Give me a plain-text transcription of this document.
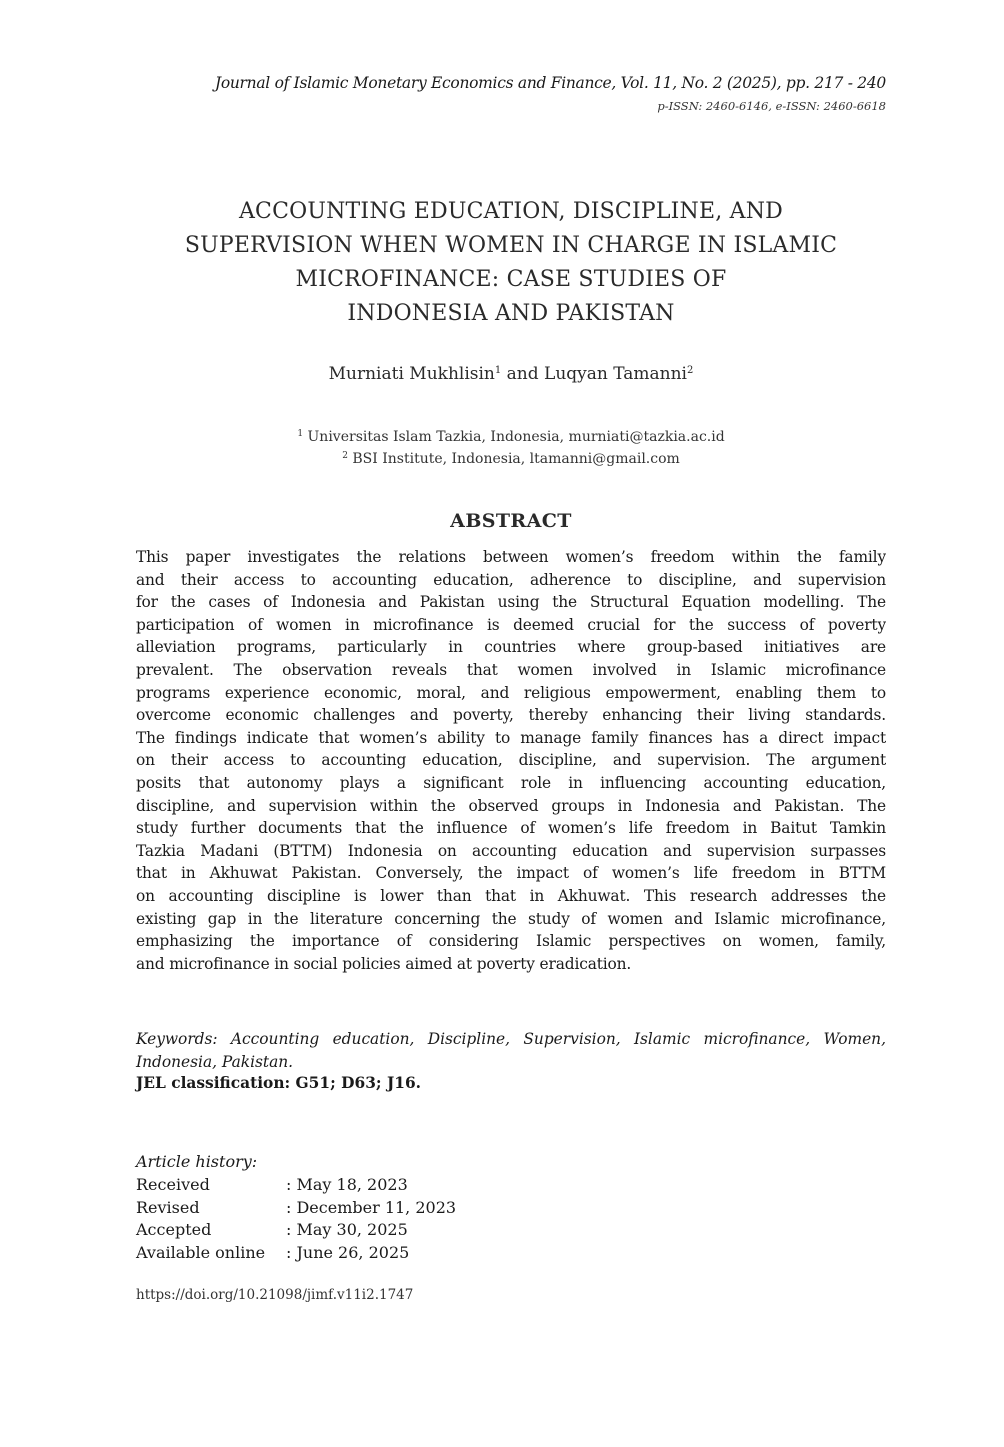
Journal of Islamic Monetary Economics and Finance, Vol. 11, No. 2 (2025), pp. 217 - 240
p-ISSN: 2460-6146, e-ISSN: 2460-6618
ACCOUNTING EDUCATION, DISCIPLINE, AND
SUPERVISION WHEN WOMEN IN CHARGE IN ISLAMIC
MICROFINANCE: CASE STUDIES OF
INDONESIA AND PAKISTAN
Murniati Mukhlisin$^1$ and Luqyan Tamanni$^2$
$^1$ Universitas Islam Tazkia, Indonesia, murniati@tazkia.ac.id
$^2$ BSI Institute, Indonesia, ltamanni@gmail.com
ABSTRACT
This paper investigates the relations between women’s freedom within the family
and their access to accounting education, adherence to discipline, and supervision
for the cases of Indonesia and Pakistan using the Structural Equation modelling. The
participation of women in microfinance is deemed crucial for the success of poverty
alleviation programs, particularly in countries where group-based initiatives are
prevalent. The observation reveals that women involved in Islamic microfinance
programs experience economic, moral, and religious empowerment, enabling them to
overcome economic challenges and poverty, thereby enhancing their living standards.
The findings indicate that women’s ability to manage family finances has a direct impact
on their access to accounting education, discipline, and supervision. The argument
posits that autonomy plays a significant role in influencing accounting education,
discipline, and supervision within the observed groups in Indonesia and Pakistan. The
study further documents that the influence of women’s life freedom in Baitut Tamkin
Tazkia Madani (BTTM) Indonesia on accounting education and supervision surpasses
that in Akhuwat Pakistan. Conversely, the impact of women’s life freedom in BTTM
on accounting discipline is lower than that in Akhuwat. This research addresses the
existing gap in the literature concerning the study of women and Islamic microfinance,
emphasizing the importance of considering Islamic perspectives on women, family,
and microfinance in social policies aimed at poverty eradication.
Keywords: Accounting education, Discipline, Supervision, Islamic microfinance, Women,
Indonesia, Pakistan.
JEL classification: G51; D63; J16.
Article history:
Received	: May 18, 2023
Revised	: December 11, 2023
Accepted	: May 30, 2025
Available online	: June 26, 2025
https://doi.org/10.21098/jimf.v11i2.1747
